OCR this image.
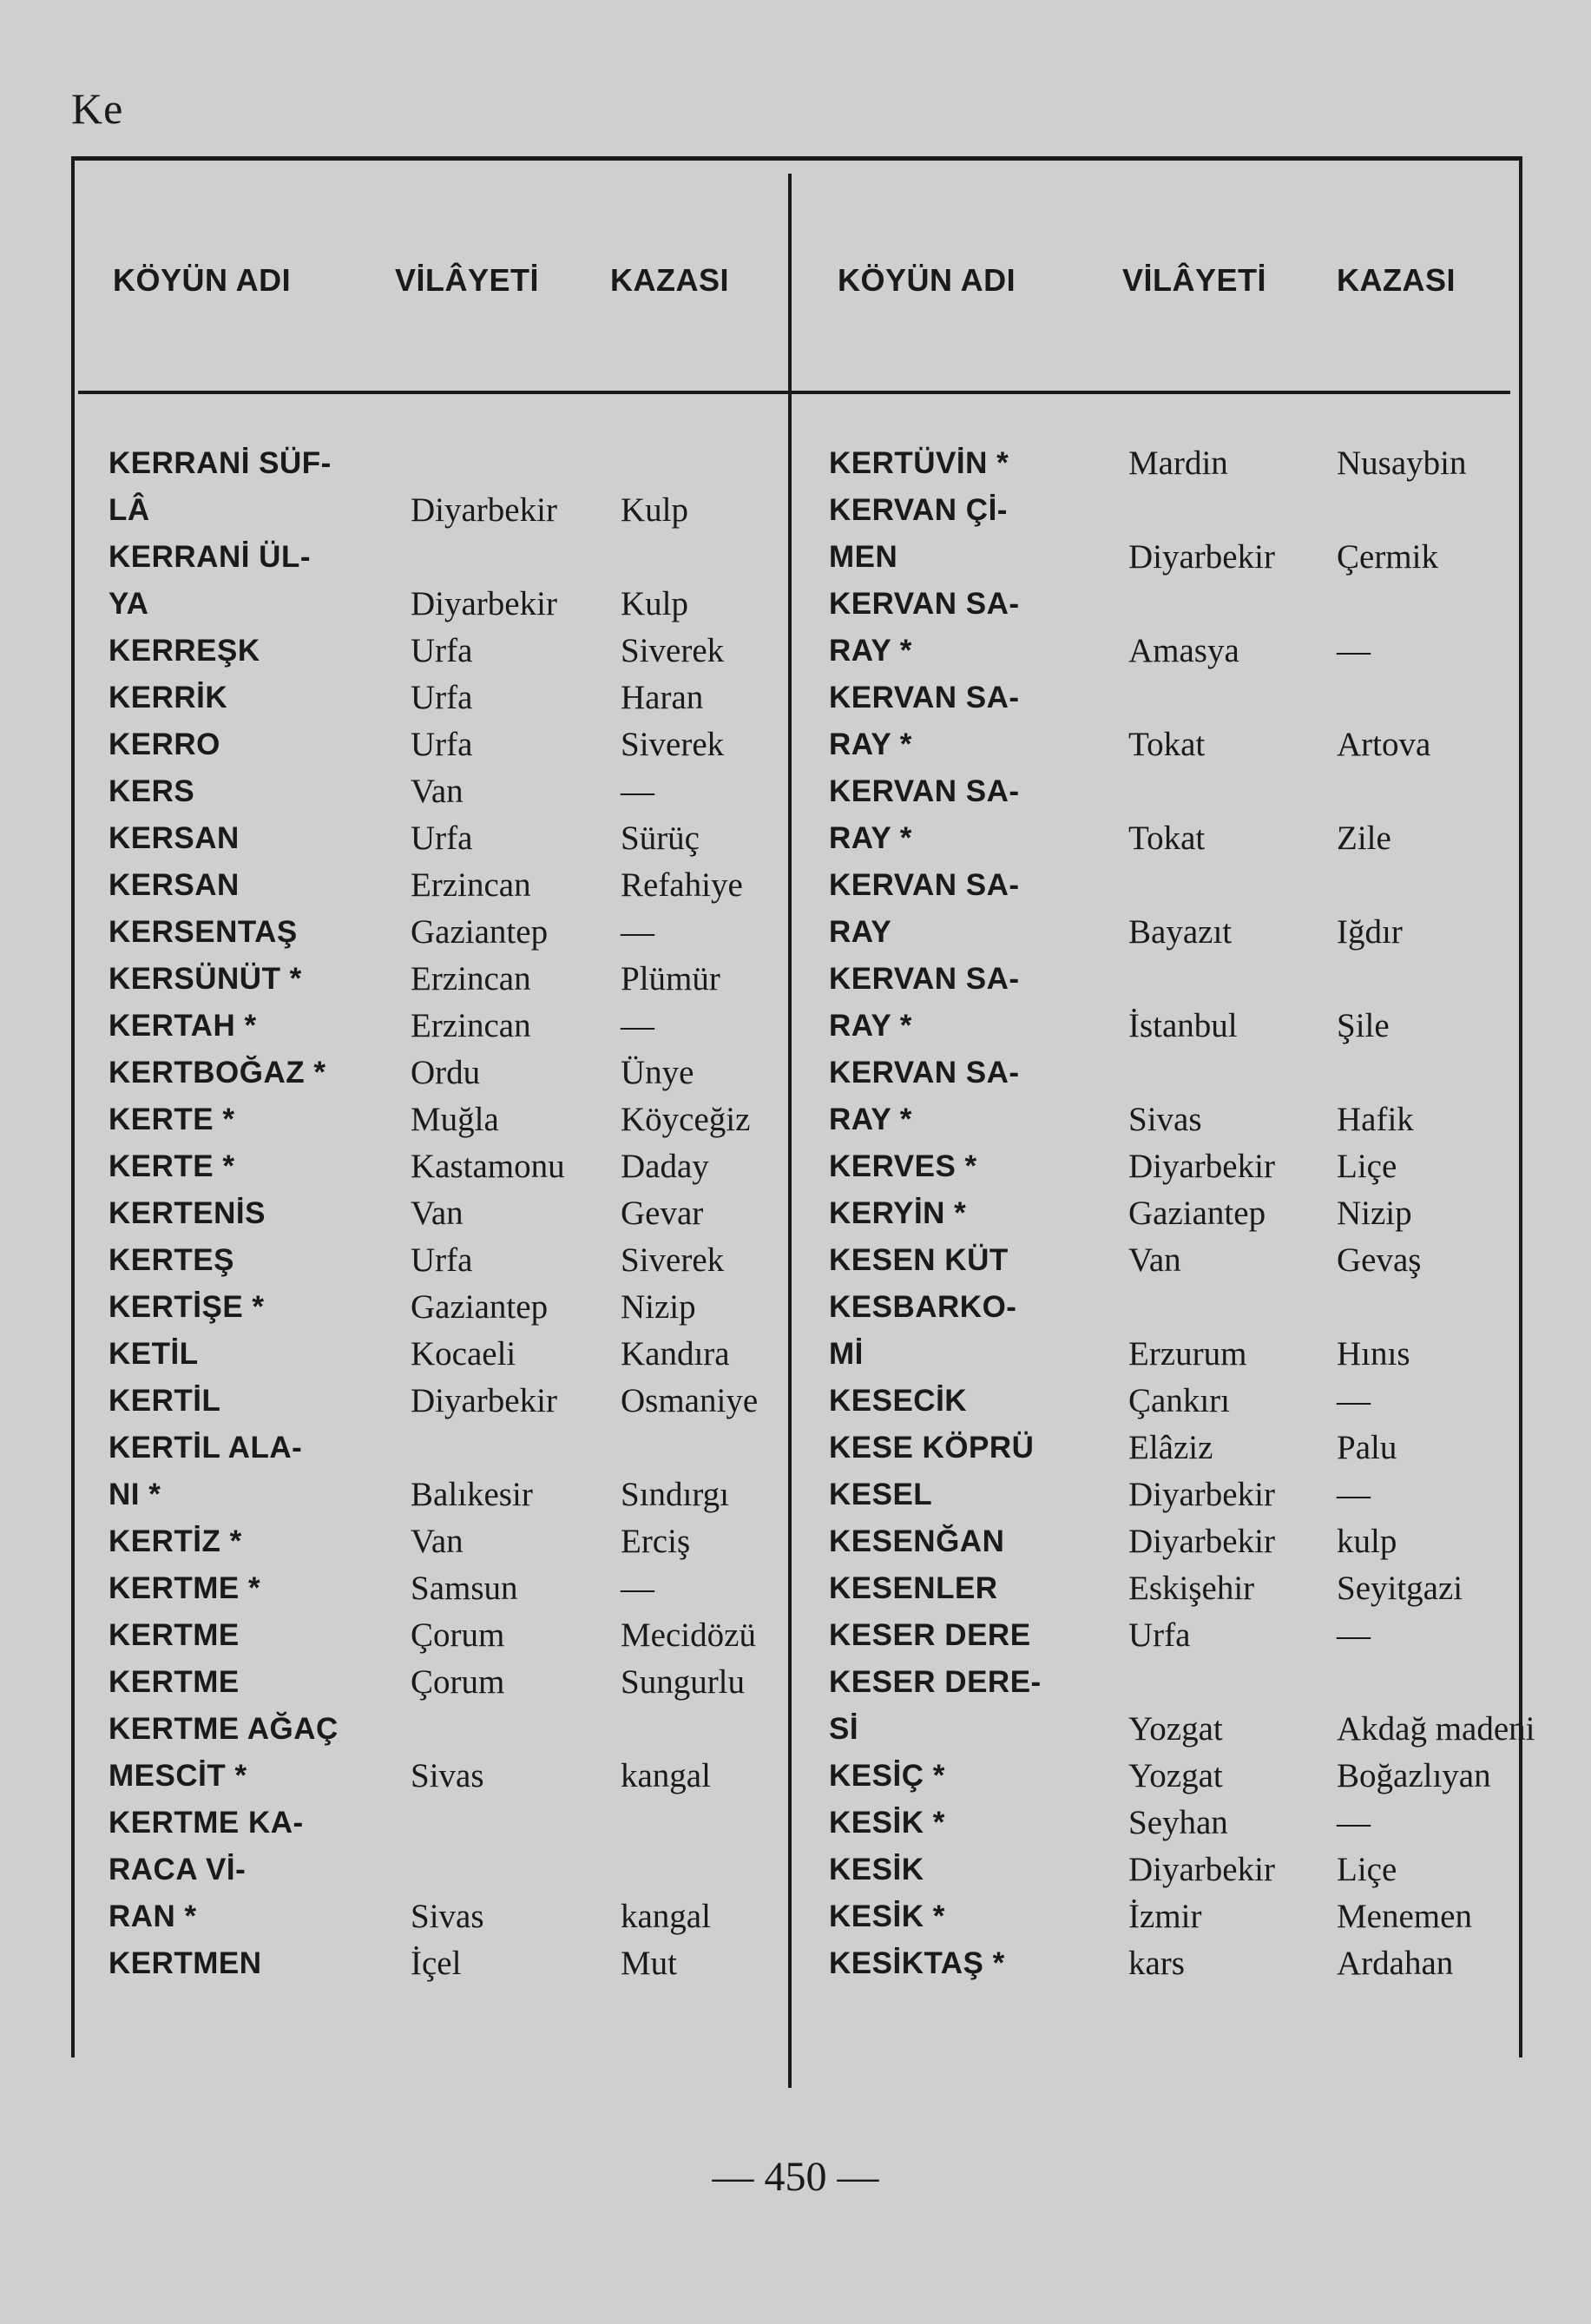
Ke
KÖYÜN ADI	VİLÂYETİ KAZASI	KÖYÜN ADI	VİLÂYETİ KAZASI
KERRANİ SÜF-
LÂ	Diyarbekir	Kulp
KERRANİ ÜL-
YA	Diyarbekir	Kulp
KERREŞK	Urfa	Siverek
KERRİK	Urfa	Haran
KERRO	Urfa	Siverek
KERS	Van	—
KERSAN	Urfa	Sürüç
KERSAN	Erzincan	Refahiye
KERSENTAŞ	Gaziantep	—
KERSÜNÜT *	Erzincan	Plümür
KERTAH *	Erzincan	—
KERTBOĞAZ *	Ordu	Ünye
KERTE *	Muğla	Köyceğiz
KERTE *	Kastamonu	Daday
KERTENİS	Van	Gevar
KERTEŞ	Urfa	Siverek
KERTİŞE *	Gaziantep	Nizip
KETİL	Kocaeli	Kandıra
KERTİL	Diyarbekir	Osmaniye
KERTİL ALA-
NI *	Balıkesir	Sındırgı
KERTİZ *	Van	Erciş
KERTME *	Samsun	—
KERTME	Çorum	Mecidözü
KERTME	Çorum	Sungurlu
KERTME AĞAÇ
MESCİT *	Sivas	kangal
KERTME KA-
RACA Vİ-
RAN *	Sivas	kangal
KERTMEN	İçel	Mut
KERTÜVİN *	Mardin	Nusaybin
KERVAN Çİ-
MEN	Diyarbekir	Çermik
KERVAN SA-
RAY *	Amasya	—
KERVAN SA-
RAY *	Tokat	Artova
KERVAN SA-
RAY *	Tokat	Zile
KERVAN SA-
RAY	Bayazıt	Iğdır
KERVAN SA-
RAY *	İstanbul	Şile
KERVAN SA-
RAY *	Sivas	Hafik
KERVES *	Diyarbekir	Liçe
KERYİN *	Gaziantep	Nizip
KESEN KÜT	Van	Gevaş
KESBARKO-
Mİ	Erzurum	Hınıs
KESECİK	Çankırı	—
KESE KÖPRÜ	Elâziz	Palu
KESEL	Diyarbekir	—
KESENĞAN	Diyarbekir	kulp
KESENLER	Eskişehir	Seyitgazi
KESER DERE	Urfa	—
KESER DERE-
Sİ	Yozgat	Akdağ madeni
KESİÇ *	Yozgat	Boğazlıyan
KESİK *	Seyhan	—
KESİK	Diyarbekir	Liçe
KESİK *	İzmir	Menemen
KESİKTAŞ *	kars	Ardahan
— 450 —
